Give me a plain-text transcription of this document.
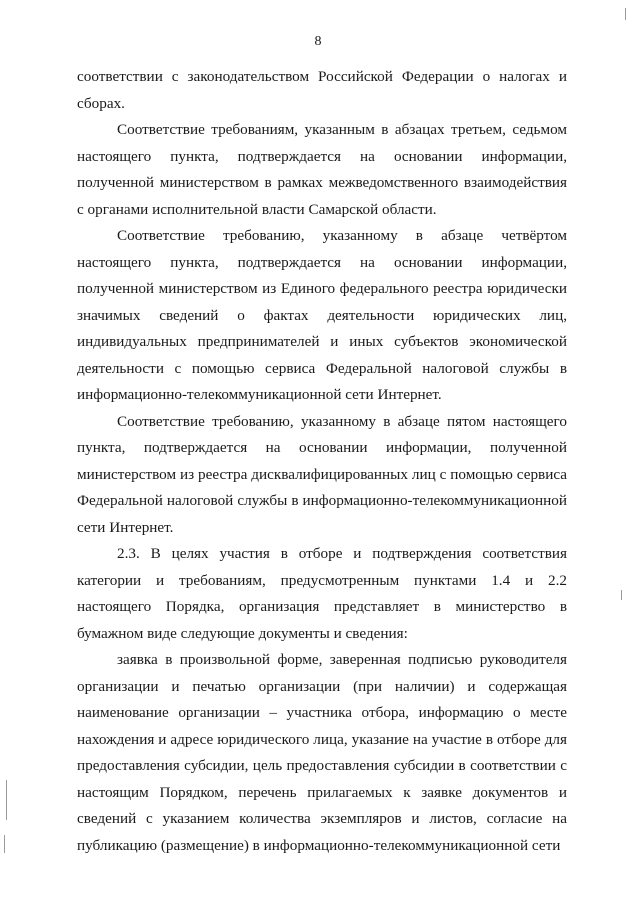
8

соответствии с законодательством Российской Федерации о налогах и сборах.

Соответствие требованиям, указанным в абзацах третьем, седьмом настоящего пункта, подтверждается на основании информации, полученной министерством в рамках межведомственного взаимодействия с органами исполнительной власти Самарской области.

Соответствие требованию, указанному в абзаце четвёртом настоящего пункта, подтверждается на основании информации, полученной министерством из Единого федерального реестра юридически значимых сведений о фактах деятельности юридических лиц, индивидуальных предпринимателей и иных субъектов экономической деятельности с помощью сервиса Федеральной налоговой службы в информационно-телекоммуникационной сети Интернет.

Соответствие требованию, указанному в абзаце пятом настоящего пункта, подтверждается на основании информации, полученной министерством из реестра дисквалифицированных лиц с помощью сервиса Федеральной налоговой службы в информационно-телекоммуникационной сети Интернет.

2.3. В целях участия в отборе и подтверждения соответствия категории и требованиям, предусмотренным пунктами 1.4 и 2.2 настоящего Порядка, организация представляет в министерство в бумажном виде следующие документы и сведения:

заявка в произвольной форме, заверенная подписью руководителя организации и печатью организации (при наличии) и содержащая наименование организации – участника отбора, информацию о месте нахождения и адресе юридического лица, указание на участие в отборе для предоставления субсидии, цель предоставления субсидии в соответствии с настоящим Порядком, перечень прилагаемых к заявке документов и сведений с указанием количества экземпляров и листов, согласие на публикацию (размещение) в информационно-телекоммуникационной сети
